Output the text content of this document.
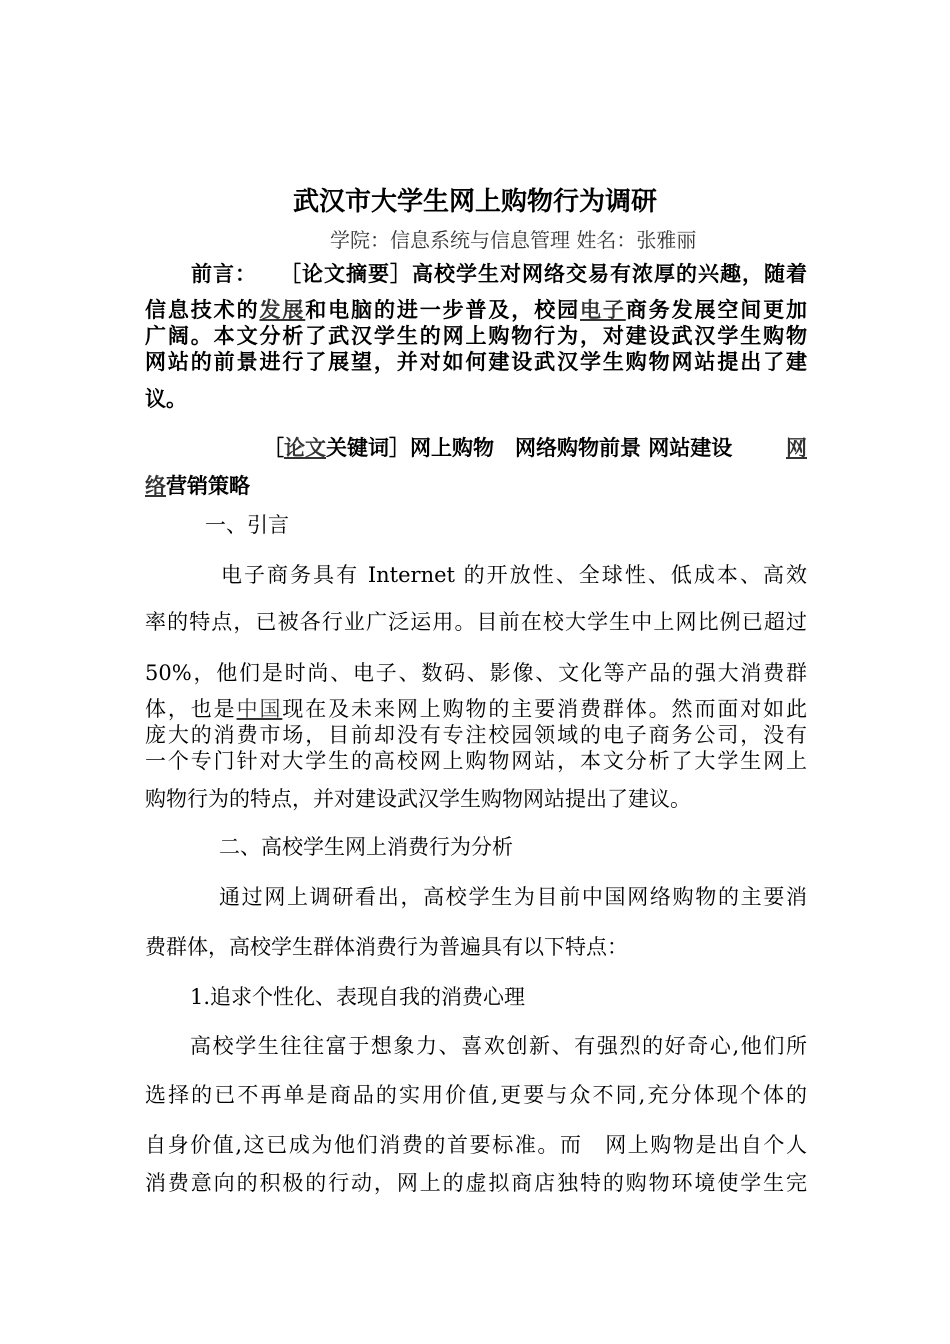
武汉市大学生网上购物行为调研
学院：信息系统与信息管理 姓名：张雅丽
前言： ［论文摘要］高校学生对网络交易有浓厚的兴趣，随着
信息技术的发展和电脑的进一步普及，校园电子商务发展空间更加
广阔。本文分析了武汉学生的网上购物行为，对建设武汉学生购物
网站的前景进行了展望，并对如何建设武汉学生购物网站提出了建
议。
［论文关键词］网上购物　网络购物前景 网站建设　 网
络营销策略
一、引言
电子商务具有 Internet 的开放性、全球性、低成本、高效
率的特点，已被各行业广泛运用。目前在校大学生中上网比例已超过
50%，他们是时尚、电子、数码、影像、文化等产品的强大消费群
体，也是中国现在及未来网上购物的主要消费群体。然而面对如此
庞大的消费市场，目前却没有专注校园领域的电子商务公司，没有
一个专门针对大学生的高校网上购物网站，本文分析了大学生网上
购物行为的特点，并对建设武汉学生购物网站提出了建议。
二、高校学生网上消费行为分析
通过网上调研看出，高校学生为目前中国网络购物的主要消
费群体，高校学生群体消费行为普遍具有以下特点：
1.追求个性化、表现自我的消费心理
高校学生往往富于想象力、喜欢创新、有强烈的好奇心,他们所
选择的已不再单是商品的实用价值,更要与众不同,充分体现个体的
自身价值,这已成为他们消费的首要标准。而　网上购物是出自个人
消费意向的积极的行动，网上的虚拟商店独特的购物环境使学生完
